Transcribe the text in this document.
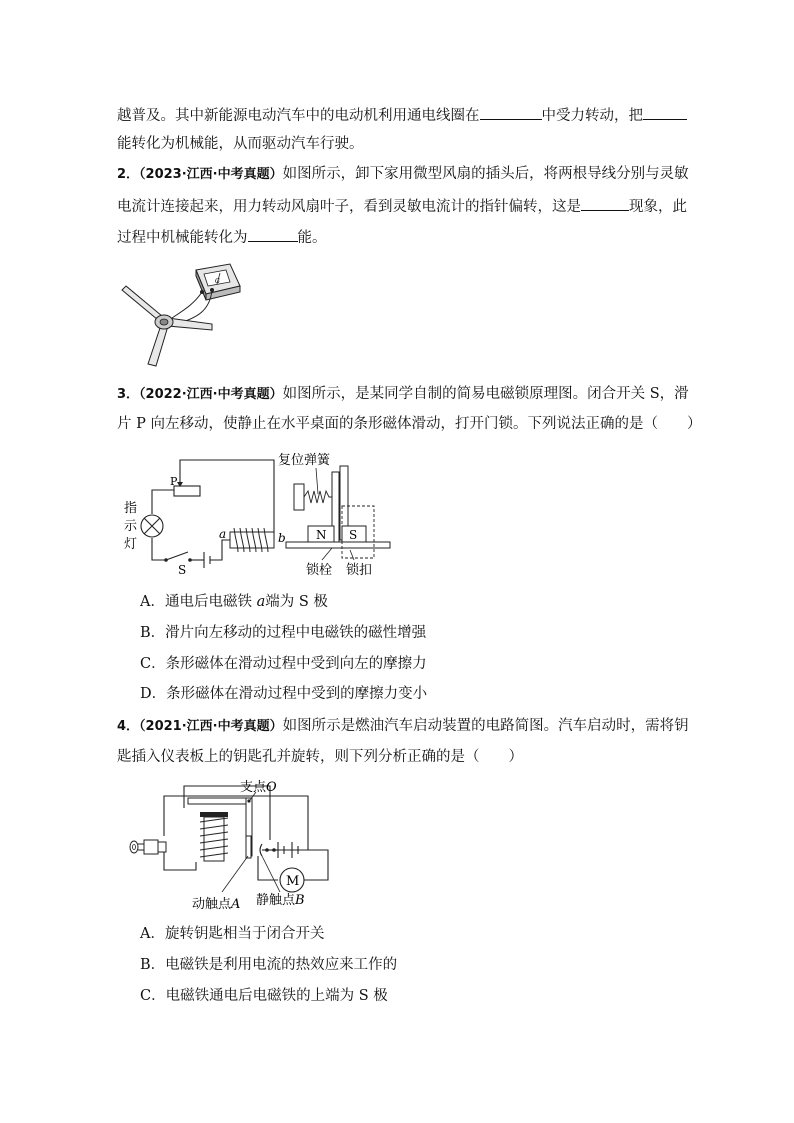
越普及。其中新能源电动汽车中的电动机利用通电线圈在	中受力转动，把
能转化为机械能，从而驱动汽车行驶。
2．（2023·江西·中考真题）如图所示，卸下家用微型风扇的插头后，将两根导线分别与灵敏
电流计连接起来，用力转动风扇叶子，看到灵敏电流计的指针偏转，这是	现象，此
过程中机械能转化为	能。
G
3．（2022·江西·中考真题）如图所示，是某同学自制的简易电磁锁原理图。闭合开关 S，滑
片 P 向左移动，使静止在水平桌面的条形磁体滑动，打开门锁。下列说法正确的是（　　）
P
指
示
灯
S
a	b
复位弹簧
N S
锁栓 锁扣
A．通电后电磁铁 a端为 S 极
B．滑片向左移动的过程中电磁铁的磁性增强
C．条形磁体在滑动过程中受到向左的摩擦力
D．条形磁体在滑动过程中受到的摩擦力变小
4．（2021·江西·中考真题）如图所示是燃油汽车启动装置的电路简图。汽车启动时，需将钥
匙插入仪表板上的钥匙孔并旋转，则下列分析正确的是（　　）
M
支点O
动触点A 静触点B
A．旋转钥匙相当于闭合开关
B．电磁铁是利用电流的热效应来工作的
C．电磁铁通电后电磁铁的上端为 S 极
